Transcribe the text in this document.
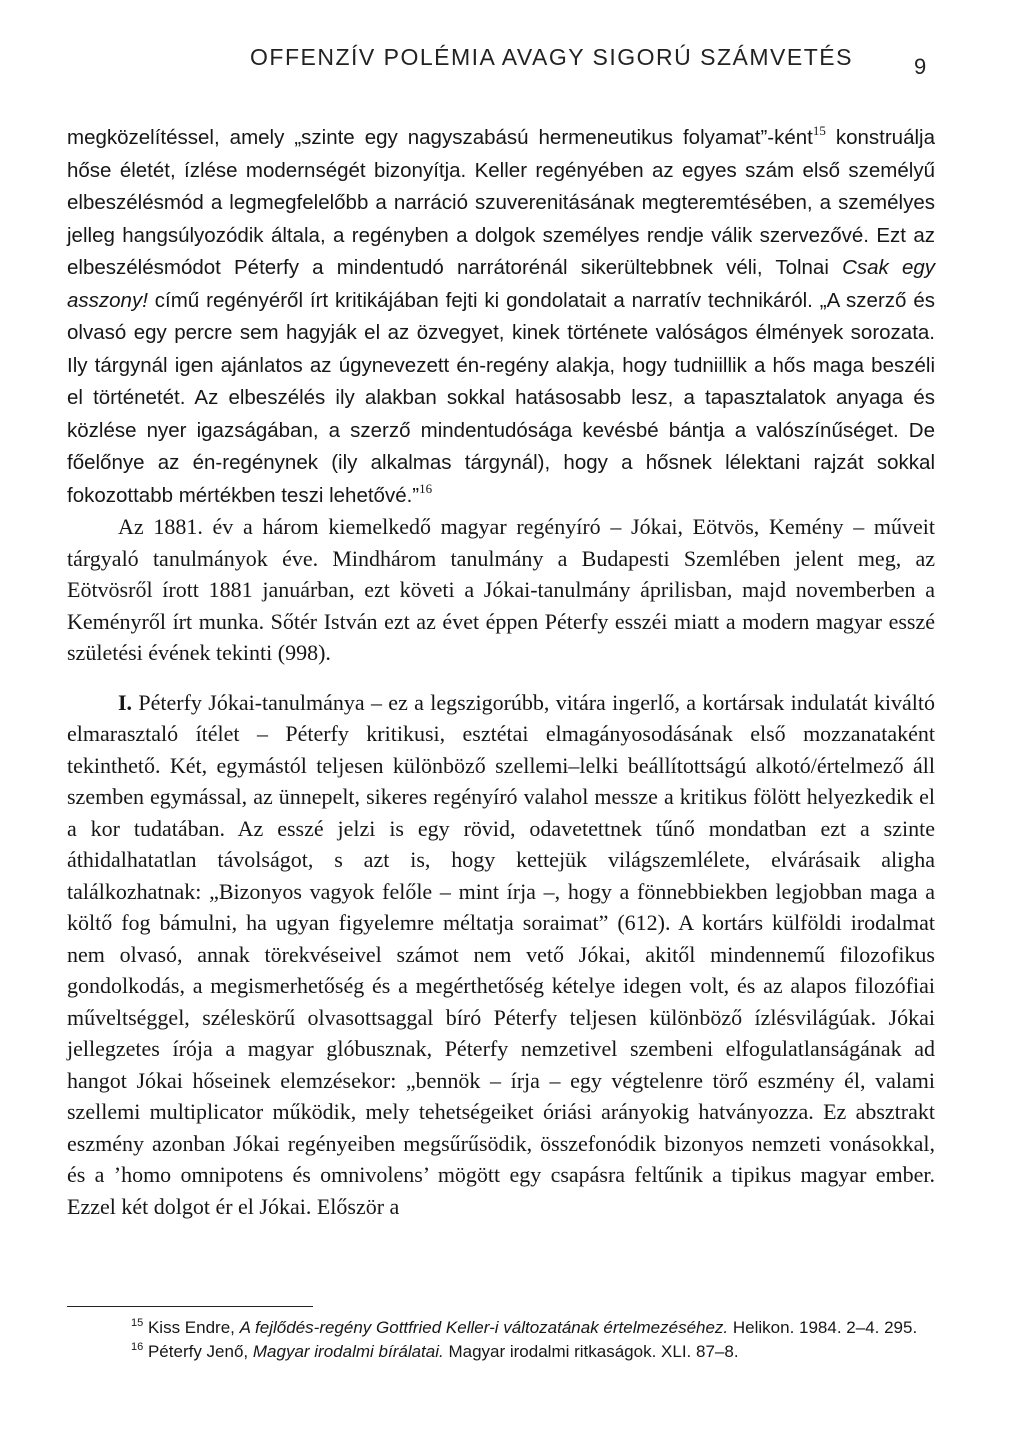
OFFENZÍV POLÉMIA AVAGY SIGORÚ SZÁMVETÉS	9

megközelítéssel, amely „szinte egy nagyszabású hermeneutikus folyamat”-ként$^{15}$ konstruálja hőse életét, ízlése modernségét bizonyítja. Keller regényében az egyes szám első személyű elbeszélésmód a legmegfelelőbb a narráció szuverenitásának megteremtésében, a személyes jelleg hangsúlyozódik általa, a regényben a dolgok személyes rendje válik szervezővé. Ezt az elbeszélésmódot Péterfy a mindentudó narrátorénál sikerültebbnek véli, Tolnai Csak egy asszony! című regényéről írt kritikájában fejti ki gondolatait a narratív technikáról. „A szerző és olvasó egy percre sem hagyják el az özvegyet, kinek története valóságos élmények sorozata. Ily tárgynál igen ajánlatos az úgynevezett én-regény alakja, hogy tudniillik a hős maga beszéli el történetét. Az elbeszélés ily alakban sokkal hatásosabb lesz, a tapasztalatok anyaga és közlése nyer igazságában, a szerző mindentudósága kevésbé bántja a valószínűséget. De főelőnye az én-regénynek (ily alkalmas tárgynál), hogy a hősnek lélektani rajzát sokkal fokozottabb mértékben teszi lehetővé.”$^{16}$

Az 1881. év a három kiemelkedő magyar regényíró – Jókai, Eötvös, Kemény – műveit tárgyaló tanulmányok éve. Mindhárom tanulmány a Budapesti Szemlében jelent meg, az Eötvösről írott 1881 januárban, ezt követi a Jókai-tanulmány áprilisban, majd novemberben a Keményről írt munka. Sőtér István ezt az évet éppen Péterfy esszéi miatt a modern magyar esszé születési évének tekinti (998).

I. Péterfy Jókai-tanulmánya – ez a legszigorúbb, vitára ingerlő, a kortársak indulatát kiváltó elmarasztaló ítélet – Péterfy kritikusi, esztétai elmagányosodásának első mozzanataként tekinthető. Két, egymástól teljesen különböző szellemi–lelki beállítottságú alkotó/értelmező áll szemben egymással, az ünnepelt, sikeres regényíró valahol messze a kritikus fölött helyezkedik el a kor tudatában. Az esszé jelzi is egy rövid, odavetettnek tűnő mondatban ezt a szinte áthidalhatatlan távolságot, s azt is, hogy kettejük világszemlélete, elvárásaik aligha találkozhatnak: „Bizonyos vagyok felőle – mint írja –, hogy a fönnebbiekben legjobban maga a költő fog bámulni, ha ugyan figyelemre méltatja soraimat” (612). A kortárs külföldi irodalmat nem olvasó, annak törekvéseivel számot nem vető Jókai, akitől mindennemű filozofikus gondolkodás, a megismerhetőség és a megérthetőség kételye idegen volt, és az alapos filozófiai műveltséggel, széleskörű olvasottsaggal bíró Péterfy teljesen különböző ízlésvilágúak. Jókai jellegzetes írója a magyar glóbusznak, Péterfy nemzetivel szembeni elfogulatlanságának ad hangot Jókai hőseinek elemzésekor: „bennök – írja – egy végtelenre törő eszmény él, valami szellemi multiplicator működik, mely tehetségeiket óriási arányokig hatványozza. Ez absztrakt eszmény azonban Jókai regényeiben megsűrűsödik, összefonódik bizonyos nemzeti vonásokkal, és a ’homo omnipotens és omnivolens’ mögött egy csapásra feltűnik a tipikus magyar ember. Ezzel két dolgot ér el Jókai. Először a

$^{15}$ Kiss Endre, A fejlődés-regény Gottfried Keller-i változatának értelmezéséhez. Helikon. 1984. 2–4. 295.

$^{16}$ Péterfy Jenő, Magyar irodalmi bírálatai. Magyar irodalmi ritkaságok. XLI. 87–8.
